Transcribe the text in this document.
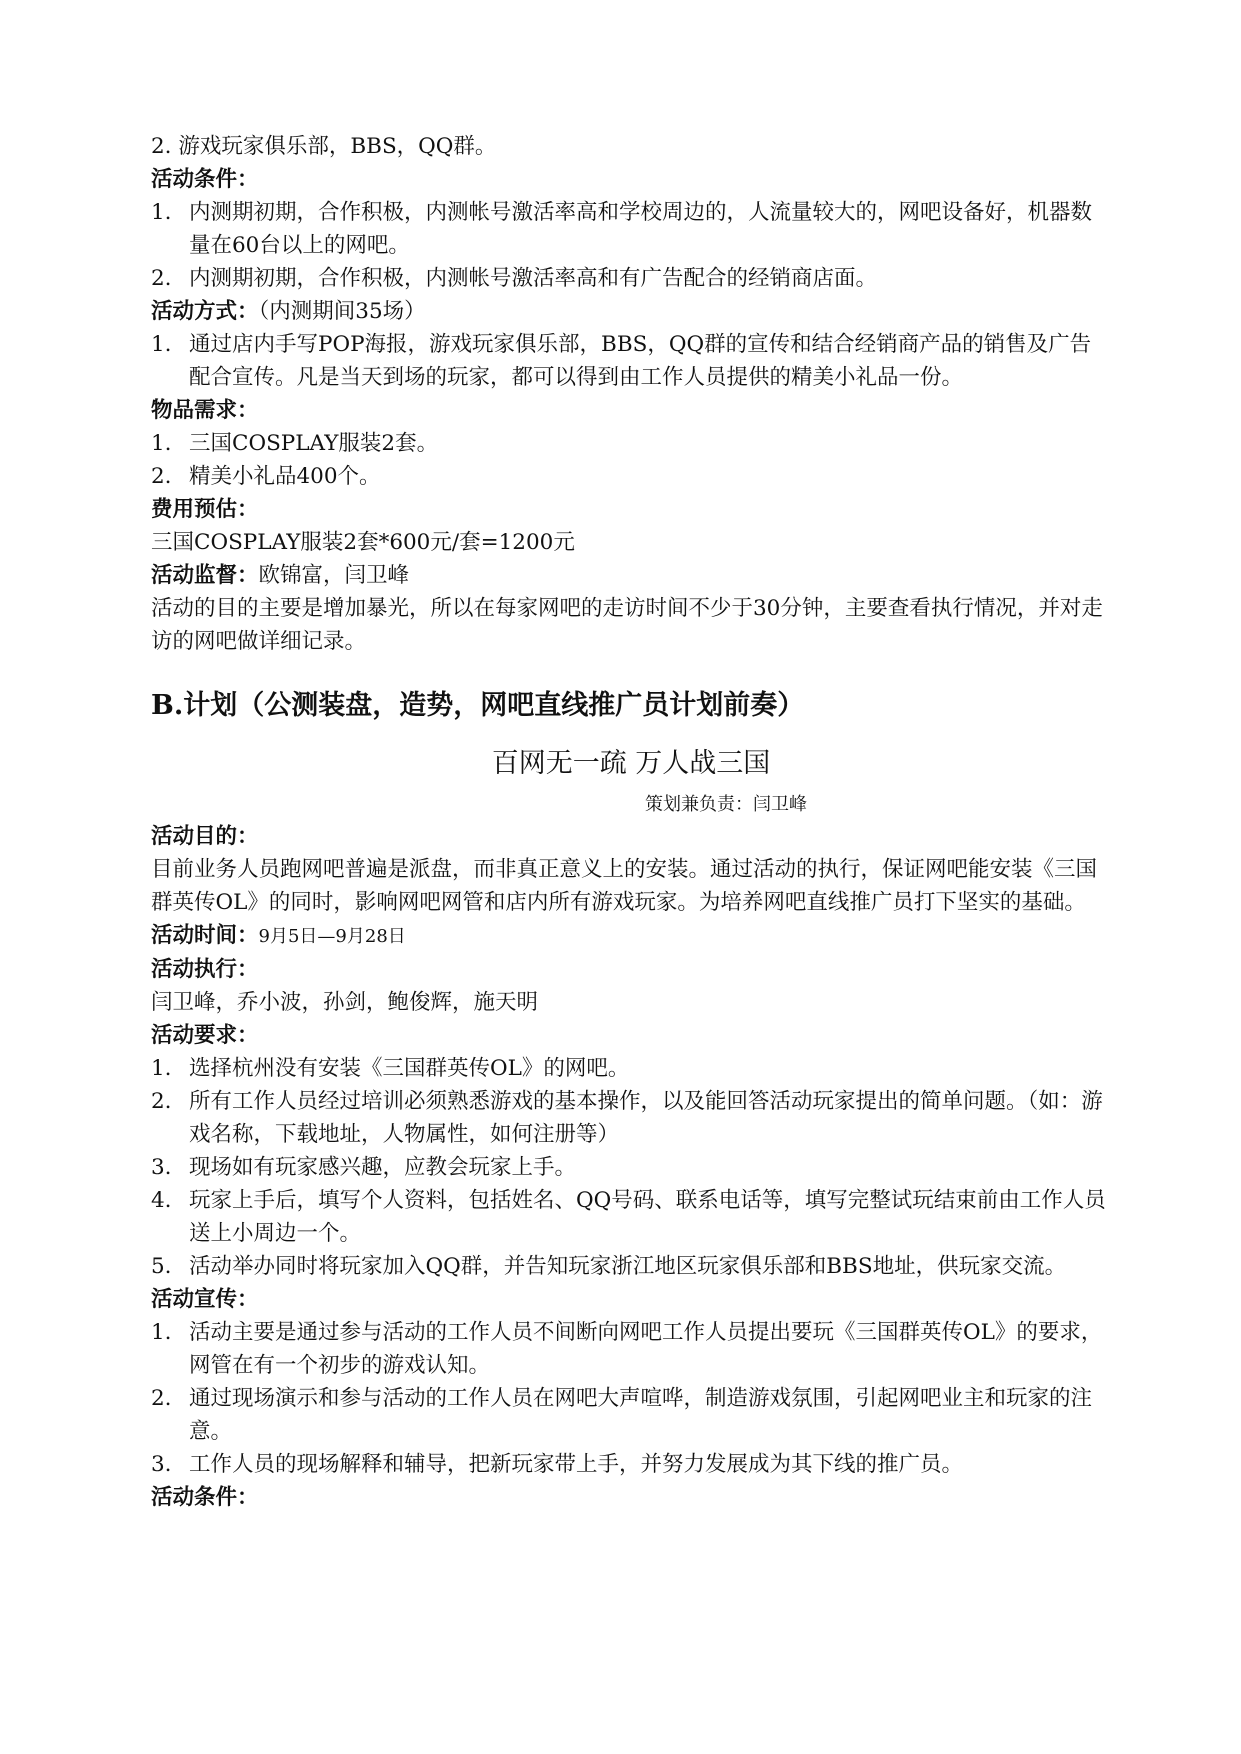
2. 游戏玩家俱乐部，BBS，QQ群。
活动条件：
1. 内测期初期，合作积极，内测帐号激活率高和学校周边的，人流量较大的，网吧设备好，机器数量在60台以上的网吧。
2. 内测期初期，合作积极，内测帐号激活率高和有广告配合的经销商店面。
活动方式：（内测期间35场）
1. 通过店内手写POP海报，游戏玩家俱乐部，BBS，QQ群的宣传和结合经销商产品的销售及广告配合宣传。凡是当天到场的玩家，都可以得到由工作人员提供的精美小礼品一份。
物品需求：
1. 三国COSPLAY服装2套。
2. 精美小礼品400个。
费用预估：
三国COSPLAY服装2套*600元/套=1200元
活动监督：欧锦富，闫卫峰
活动的目的主要是增加暴光，所以在每家网吧的走访时间不少于30分钟，主要查看执行情况，并对走访的网吧做详细记录。
B.计划（公测装盘，造势，网吧直线推广员计划前奏）
百网无一疏 万人战三国
策划兼负责：闫卫峰
活动目的：
目前业务人员跑网吧普遍是派盘，而非真正意义上的安装。通过活动的执行，保证网吧能安装《三国群英传OL》的同时，影响网吧网管和店内所有游戏玩家。为培养网吧直线推广员打下坚实的基础。
活动时间：9月5日—9月28日
活动执行：
闫卫峰，乔小波，孙剑，鲍俊辉，施天明
活动要求：
1. 选择杭州没有安装《三国群英传OL》的网吧。
2. 所有工作人员经过培训必须熟悉游戏的基本操作，以及能回答活动玩家提出的简单问题。（如：游戏名称，下载地址，人物属性，如何注册等）
3. 现场如有玩家感兴趣，应教会玩家上手。
4. 玩家上手后，填写个人资料，包括姓名、QQ号码、联系电话等，填写完整试玩结束前由工作人员送上小周边一个。
5. 活动举办同时将玩家加入QQ群，并告知玩家浙江地区玩家俱乐部和BBS地址，供玩家交流。
活动宣传：
1. 活动主要是通过参与活动的工作人员不间断向网吧工作人员提出要玩《三国群英传OL》的要求，网管在有一个初步的游戏认知。
2. 通过现场演示和参与活动的工作人员在网吧大声喧哗，制造游戏氛围，引起网吧业主和玩家的注意。
3. 工作人员的现场解释和辅导，把新玩家带上手，并努力发展成为其下线的推广员。
活动条件：
